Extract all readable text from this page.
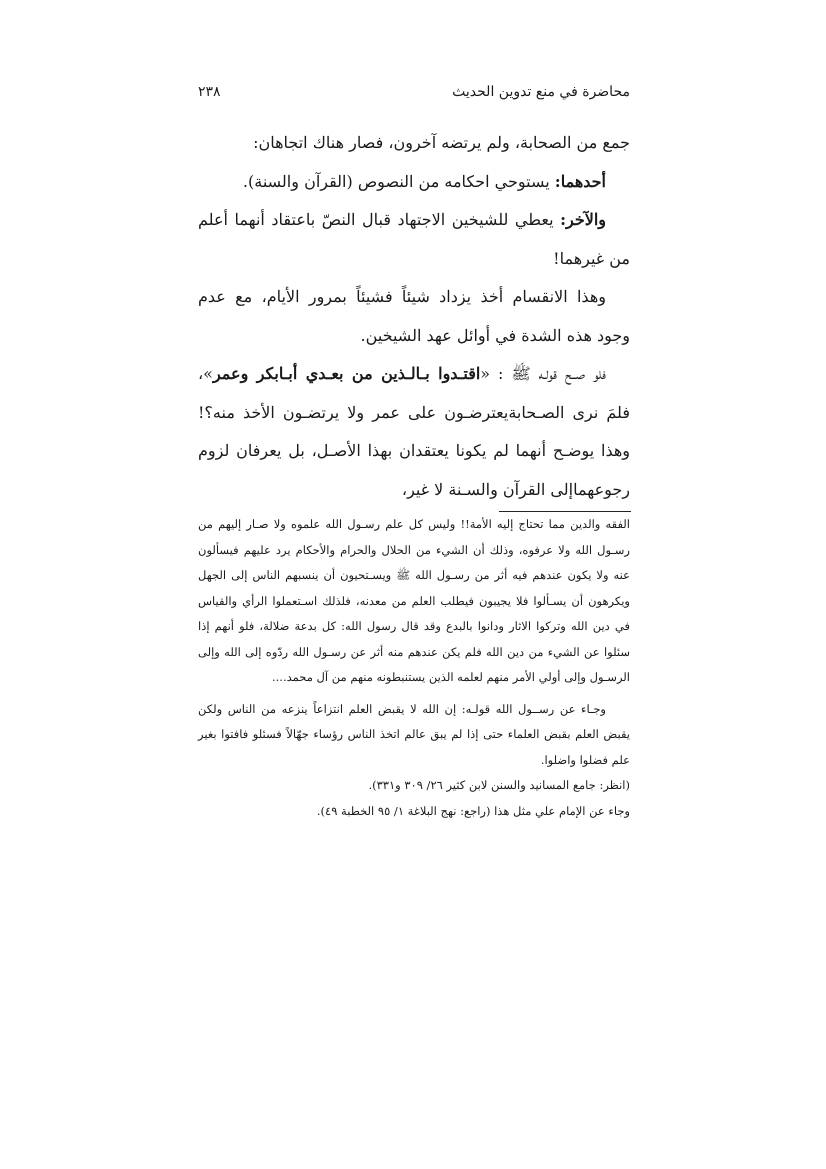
٢٣٨	محاضرة في منع تدوين الحديث

جمع من الصحابة، ولم يرتضه آخرون، فصار هناك اتجاهان:

أحدهما: يستوحي احكامه من النصوص (القرآن والسنة).

والآخر: يعطي للشيخين الاجتهاد قبال النصّ باعتقاد أنهما أعلم من غيرهما!

وهذا الانقسام أخذ يزداد شيئاً فشيئاً بمرور الأيام، مع عدم وجود هذه الشدة في أوائل عهد الشيخين.

فلو صــح قولـه ﷺ : «اقتـدوا بـالـذين من بعـدي أبـابكر وعمر»، فلمَ نرى الصـحابةيعترضـون على عمر ولا يرتضـون الأخذ منه؟! وهذا يوضـح أنهما لم يكونا يعتقدان بهذا الأصـل، بل يعرفان لزوم رجوعهماإلى القرآن والسـنة لا غير،

الفقه والدين مما تحتاج إليه الأمة!! وليس كل علم رسـول الله علموه ولا صـار إليهم من رسـول الله ولا عرفوه، وذلك أن الشيء من الحلال والحرام والأحكام يرد عليهم فيسألون عنه ولا يكون عندهم فيه أثر من رسـول الله ﷺ ويسـتحيون أن ينسبهم الناس إلى الجهل ويكرهون أن يسـألوا فلا يجيبون فيطلب العلم من معدنه، فلذلك اسـتعملوا الرأي والقياس في دين الله وتركوا الاثار ودانوا بالبدع وقد قال رسول الله: كل بدعة ضلالة، فلو أنهم إذا سئلوا عن الشيء من دين الله فلم يكن عندهم منه أثر عن رسـول الله ردّوه إلى الله وإلى الرسـول وإلى أولي الأمر منهم لعلمه الذين يستنبطونه منهم من آل محمد....

وجـاء عن رســول الله قولـه: إن الله لا يقبض العلم انتزاعاً ينزعه من الناس ولكن يقبض العلم بقبض العلماء حتى إذا لم يبق عالم اتخذ الناس رؤساء جهّالاً فسئلو فافتوا بغير علم فضلوا واضلوا.

(انظر: جامع المسانيد والسنن لابن كثير ٢٦/ ٣٠٩ و٣٣١).

وجاء عن الإمام علي مثل هذا (راجع: نهج البلاغة ١/ ٩٥ الخطبة ٤٩).
